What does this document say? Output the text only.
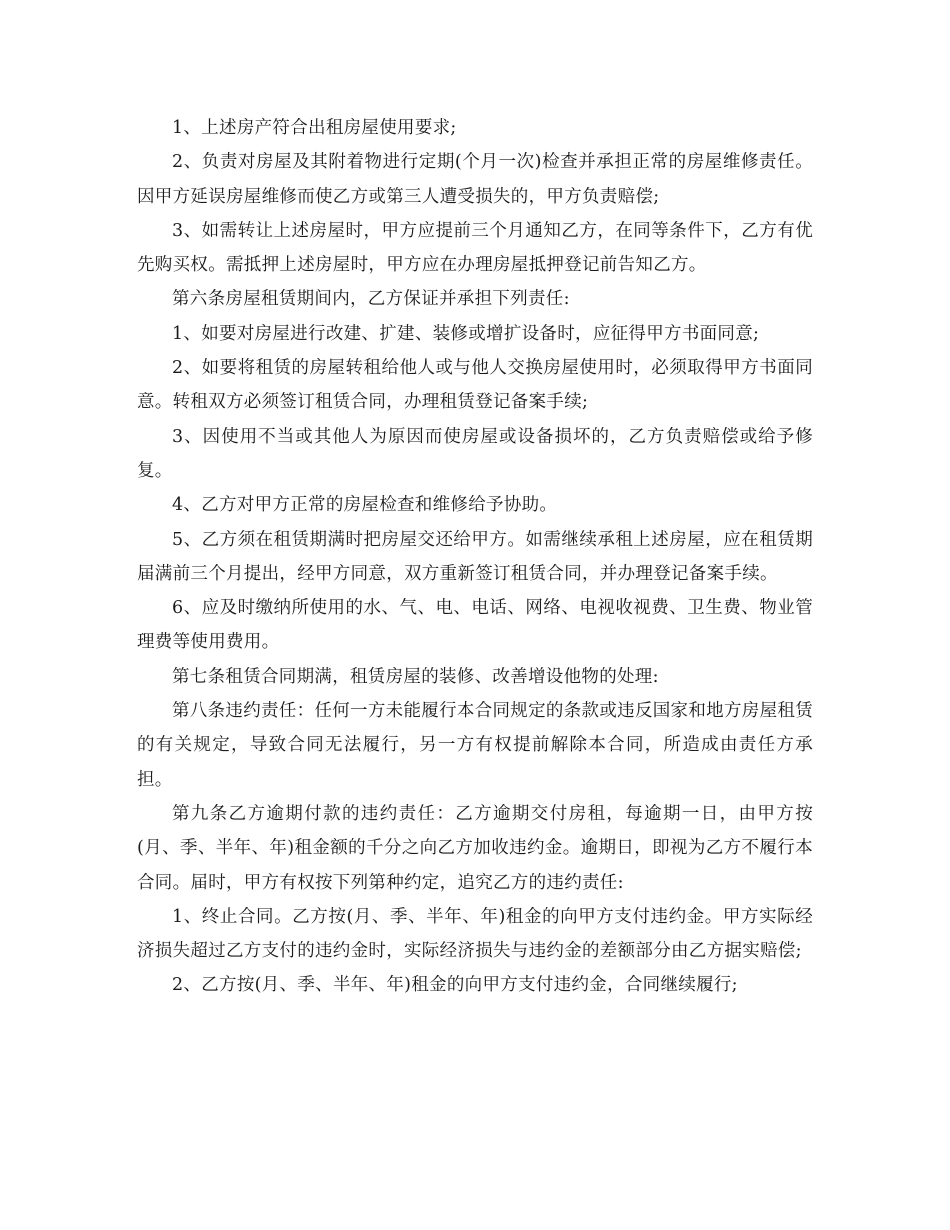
1、上述房产符合出租房屋使用要求;

2、负责对房屋及其附着物进行定期(个月一次)检查并承担正常的房屋维修责任。因甲方延误房屋维修而使乙方或第三人遭受损失的，甲方负责赔偿;

3、如需转让上述房屋时，甲方应提前三个月通知乙方，在同等条件下，乙方有优先购买权。需抵押上述房屋时，甲方应在办理房屋抵押登记前告知乙方。

第六条房屋租赁期间内，乙方保证并承担下列责任:

1、如要对房屋进行改建、扩建、装修或增扩设备时，应征得甲方书面同意;

2、如要将租赁的房屋转租给他人或与他人交换房屋使用时，必须取得甲方书面同意。转租双方必须签订租赁合同，办理租赁登记备案手续;

3、因使用不当或其他人为原因而使房屋或设备损坏的，乙方负责赔偿或给予修复。

4、乙方对甲方正常的房屋检查和维修给予协助。

5、乙方须在租赁期满时把房屋交还给甲方。如需继续承租上述房屋，应在租赁期届满前三个月提出，经甲方同意，双方重新签订租赁合同，并办理登记备案手续。

6、应及时缴纳所使用的水、气、电、电话、网络、电视收视费、卫生费、物业管理费等使用费用。

第七条租赁合同期满，租赁房屋的装修、改善增设他物的处理:

第八条违约责任：任何一方未能履行本合同规定的条款或违反国家和地方房屋租赁的有关规定，导致合同无法履行，另一方有权提前解除本合同，所造成由责任方承担。

第九条乙方逾期付款的违约责任：乙方逾期交付房租，每逾期一日，由甲方按(月、季、半年、年)租金额的千分之向乙方加收违约金。逾期日，即视为乙方不履行本合同。届时，甲方有权按下列第种约定，追究乙方的违约责任:

1、终止合同。乙方按(月、季、半年、年)租金的向甲方支付违约金。甲方实际经济损失超过乙方支付的违约金时，实际经济损失与违约金的差额部分由乙方据实赔偿;

2、乙方按(月、季、半年、年)租金的向甲方支付违约金，合同继续履行;
